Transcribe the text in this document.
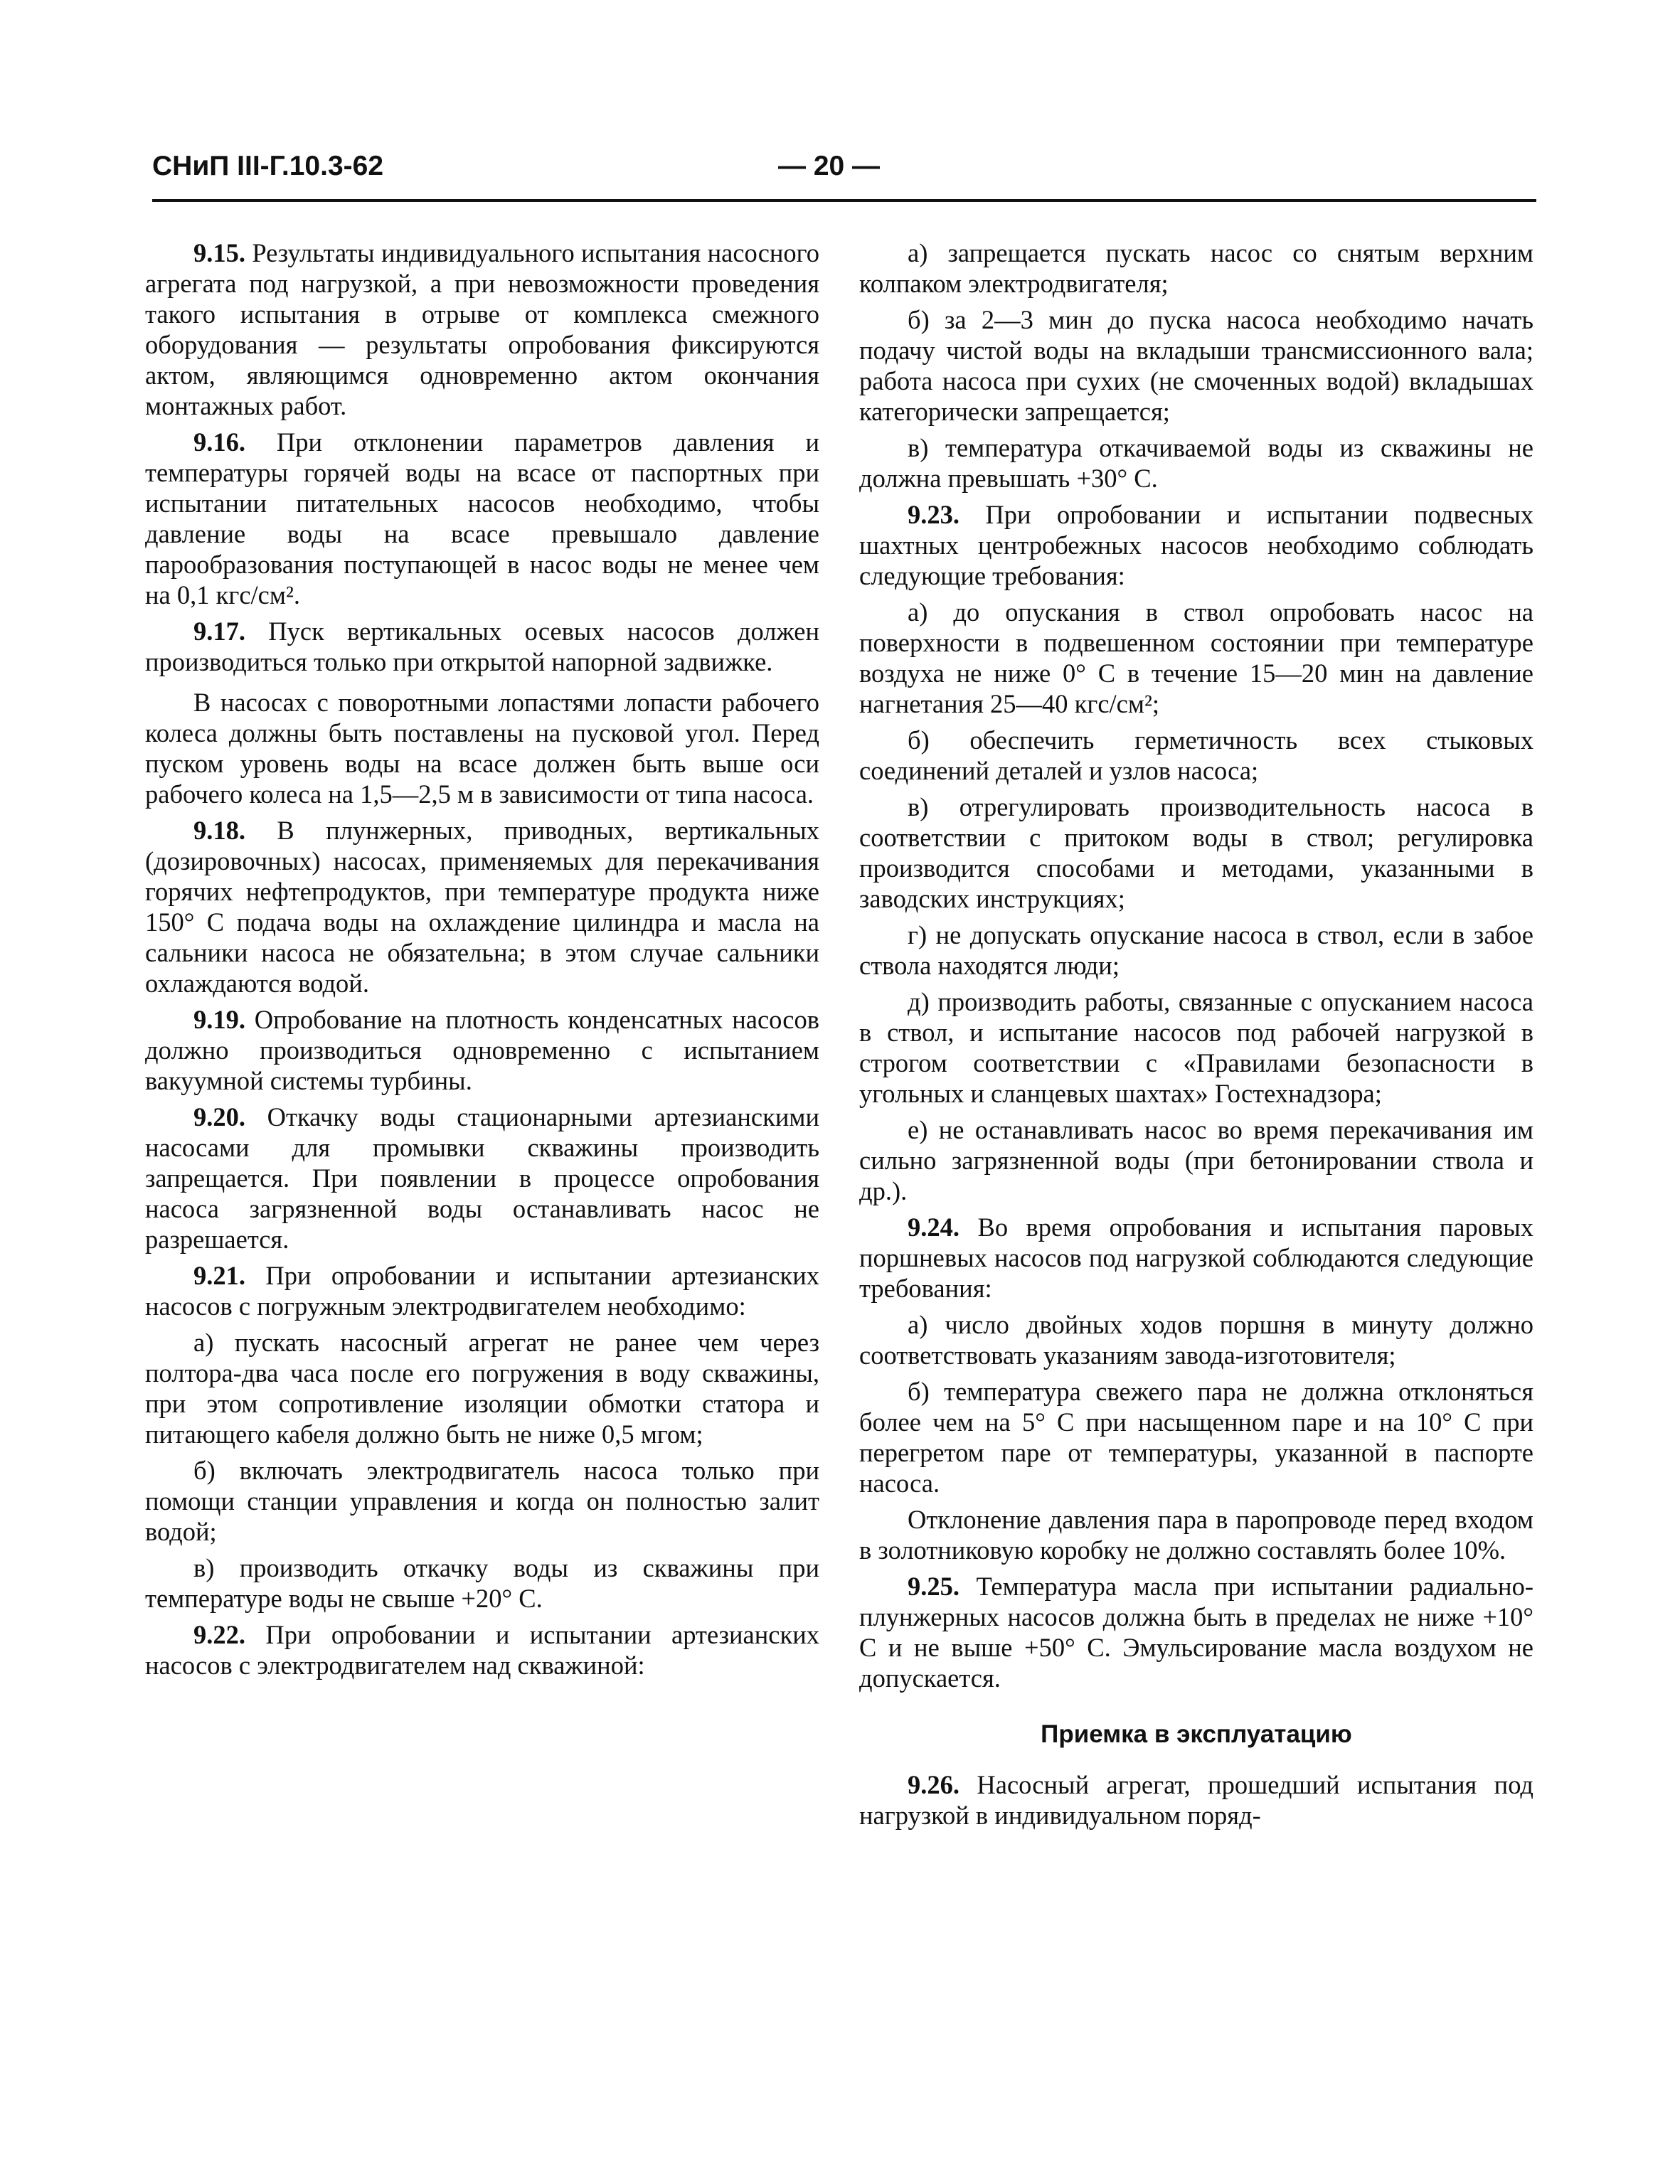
СНиП III-Г.10.3-62	— 20 —

9.15. Результаты индивидуального испытания насосного агрегата под нагрузкой, а при невозможности проведения такого испытания в отрыве от комплекса смежного оборудования — результаты опробования фиксируются актом, являющимся одновременно актом окончания монтажных работ.

9.16. При отклонении параметров давления и температуры горячей воды на всасе от паспортных при испытании питательных насосов необходимо, чтобы давление воды на всасе превышало давление парообразования поступающей в насос воды не менее чем на 0,1 кгс/см².

9.17. Пуск вертикальных осевых насосов должен производиться только при открытой напорной задвижке.

В насосах с поворотными лопастями лопасти рабочего колеса должны быть поставлены на пусковой угол. Перед пуском уровень воды на всасе должен быть выше оси рабочего колеса на 1,5—2,5 м в зависимости от типа насоса.

9.18. В плунжерных, приводных, вертикальных (дозировочных) насосах, применяемых для перекачивания горячих нефтепродуктов, при температуре продукта ниже 150° С подача воды на охлаждение цилиндра и масла на сальники насоса не обязательна; в этом случае сальники охлаждаются водой.

9.19. Опробование на плотность конденсатных насосов должно производиться одновременно с испытанием вакуумной системы турбины.

9.20. Откачку воды стационарными артезианскими насосами для промывки скважины производить запрещается. При появлении в процессе опробования насоса загрязненной воды останавливать насос не разрешается.

9.21. При опробовании и испытании артезианских насосов с погружным электродвигателем необходимо:

а) пускать насосный агрегат не ранее чем через полтора-два часа после его погружения в воду скважины, при этом сопротивление изоляции обмотки статора и питающего кабеля должно быть не ниже 0,5 мгом;

б) включать электродвигатель насоса только при помощи станции управления и когда он полностью залит водой;

в) производить откачку воды из скважины при температуре воды не свыше +20° С.

9.22. При опробовании и испытании артезианских насосов с электродвигателем над скважиной:

а) запрещается пускать насос со снятым верхним колпаком электродвигателя;

б) за 2—3 мин до пуска насоса необходимо начать подачу чистой воды на вкладыши трансмиссионного вала; работа насоса при сухих (не смоченных водой) вкладышах категорически запрещается;

в) температура откачиваемой воды из скважины не должна превышать +30° С.

9.23. При опробовании и испытании подвесных шахтных центробежных насосов необходимо соблюдать следующие требования:

а) до опускания в ствол опробовать насос на поверхности в подвешенном состоянии при температуре воздуха не ниже 0° С в течение 15—20 мин на давление нагнетания 25—40 кгс/см²;

б) обеспечить герметичность всех стыковых соединений деталей и узлов насоса;

в) отрегулировать производительность насоса в соответствии с притоком воды в ствол; регулировка производится способами и методами, указанными в заводских инструкциях;

г) не допускать опускание насоса в ствол, если в забое ствола находятся люди;

д) производить работы, связанные с опусканием насоса в ствол, и испытание насосов под рабочей нагрузкой в строгом соответствии с «Правилами безопасности в угольных и сланцевых шахтах» Гостехнадзора;

е) не останавливать насос во время перекачивания им сильно загрязненной воды (при бетонировании ствола и др.).

9.24. Во время опробования и испытания паровых поршневых насосов под нагрузкой соблюдаются следующие требования:

а) число двойных ходов поршня в минуту должно соответствовать указаниям завода-изготовителя;

б) температура свежего пара не должна отклоняться более чем на 5° С при насыщенном паре и на 10° С при перегретом паре от температуры, указанной в паспорте насоса.

Отклонение давления пара в паропроводе перед входом в золотниковую коробку не должно составлять более 10%.

9.25. Температура масла при испытании радиально-плунжерных насосов должна быть в пределах не ниже +10° С и не выше +50° С. Эмульсирование масла воздухом не допускается.

Приемка в эксплуатацию

9.26. Насосный агрегат, прошедший испытания под нагрузкой в индивидуальном поряд-
